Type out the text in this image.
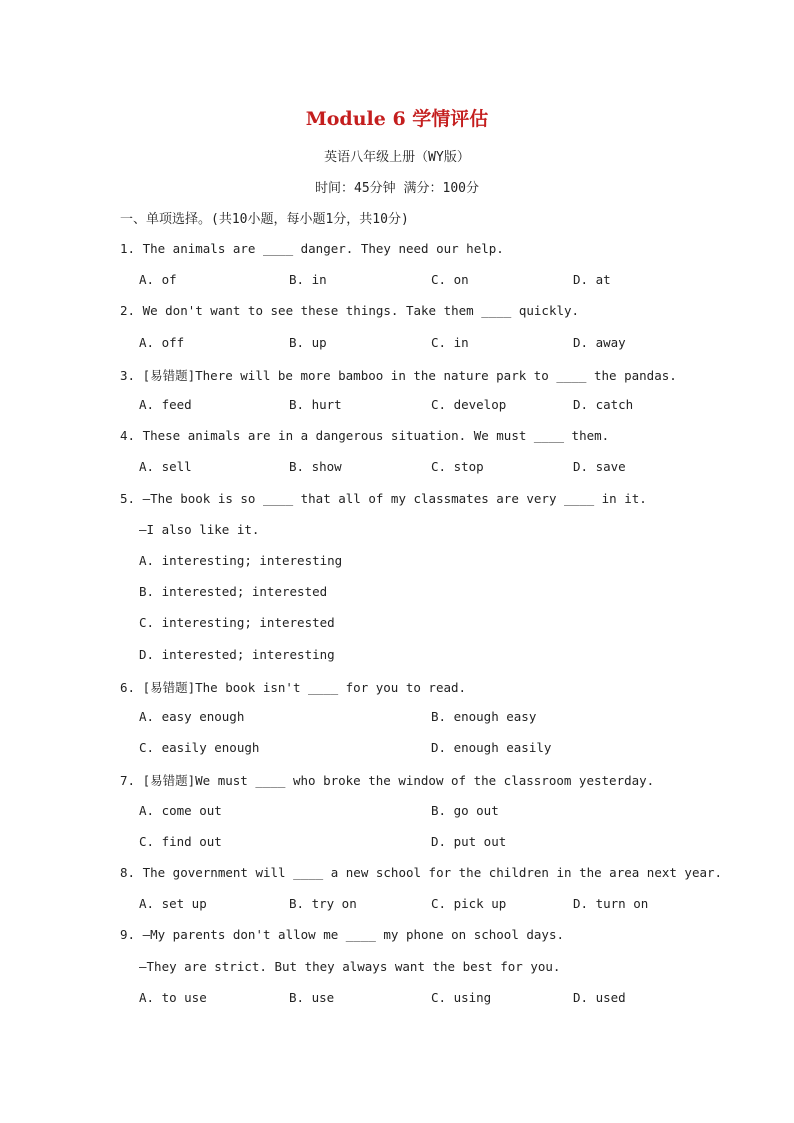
Module 6 学情评估
英语八年级上册（WY版）
时间：45分钟 满分：100分
一、单项选择。(共10小题，每小题1分，共10分)
1. The animals are ____ danger. They need our help.
A. of	B. in	C. on	D. at
2. We don't want to see these things. Take them ____ quickly.
A. off	B. up	C. in	D. away
3. [易错题]There will be more bamboo in the nature park to ____ the pandas.
A. feed	B. hurt	C. develop	D. catch
4. These animals are in a dangerous situation. We must ____ them.
A. sell	B. show	C. stop	D. save
5. —The book is so ____ that all of my classmates are very ____ in it.
—I also like it.
A. interesting; interesting
B. interested; interested
C. interesting; interested
D. interested; interesting
6. [易错题]The book isn't ____ for you to read.
A. easy enough	B. enough easy
C. easily enough	D. enough easily
7. [易错题]We must ____ who broke the window of the classroom yesterday.
A. come out	B. go out
C. find out	D. put out
8. The government will ____ a new school for the children in the area next year.
A. set up	B. try on	C. pick up	D. turn on
9. —My parents don't allow me ____ my phone on school days.
—They are strict. But they always want the best for you.
A. to use	B. use	C. using	D. used
